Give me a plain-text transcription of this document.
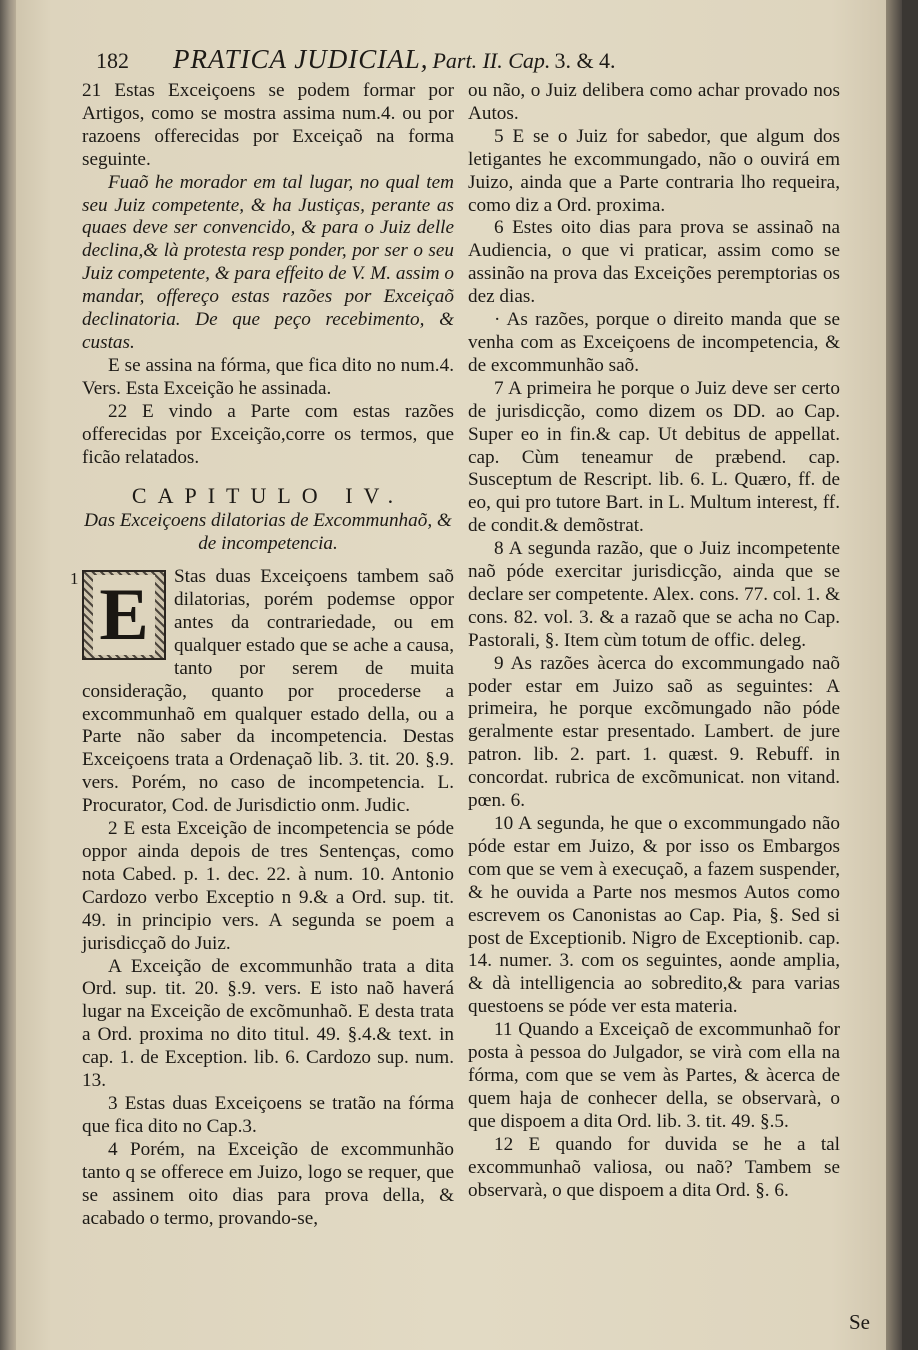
182 PRATICA JUDICIAL, Part. II. Cap. 3. & 4.

21 Estas Exceiçoens se podem formar por Artigos, como se mostra assima num.4. ou por razoens offerecidas por Exceiçaõ na forma seguinte.

Fuaõ he morador em tal lugar, no qual tem seu Juiz competente, & ha Justiças, perante as quaes deve ser convencido, & para o Juiz delle declina,& là protesta resp ponder, por ser o seu Juiz competente, & para effeito de V. M. assim o mandar, offereço estas razões por Exceiçaõ declinatoria. De que peço recebimento, & custas.

E se assina na fórma, que fica dito no num.4. Vers. Esta Exceição he assinada.

22 E vindo a Parte com estas razões offerecidas por Exceição,corre os termos, que ficão relatados.

CAPITULO IV.
Das Exceiçoens dilatorias de Excommunhaõ, & de incompetencia.
1 E	Stas duas Exceiçoens tambem saõ dilatorias, porém podemse oppor antes da contrariedade, ou em qualquer estado que se ache a causa, tanto por serem de muita consideração, quanto por procederse a excommunhaõ em qualquer estado della, ou a Parte não saber da incompetencia. Destas Exceiçoens trata a Ordenaçaõ lib. 3. tit. 20. §.9. vers. Porém, no caso de incompetencia. L. Procurator, Cod. de Jurisdictio onm. Judic.

2 E esta Exceição de incompetencia se póde oppor ainda depois de tres Sentenças, como nota Cabed. p. 1. dec. 22. à num. 10. Antonio Cardozo verbo Exceptio n 9.& a Ord. sup. tit. 49. in principio vers. A segunda se poem a jurisdicçaõ do Juiz.

A Exceição de excommunhão trata a dita Ord. sup. tit. 20. §.9. vers. E isto naõ haverá lugar na Exceição de excõmunhaõ. E desta trata a Ord. proxima no dito titul. 49. §.4.& text. in cap. 1. de Exception. lib. 6. Cardozo sup. num. 13.

3 Estas duas Exceiçoens se tratão na fórma que fica dito no Cap.3.

4 Porém, na Exceição de excommunhão tanto q se offerece em Juizo, logo se requer, que se assinem oito dias para prova della, & acabado o termo, provando-se,

ou não, o Juiz delibera como achar provado nos Autos.

5 E se o Juiz for sabedor, que algum dos letigantes he excommungado, não o ouvirá em Juizo, ainda que a Parte contraria lho requeira, como diz a Ord. proxima.

6 Estes oito dias para prova se assinaõ na Audiencia, o que vi praticar, assim como se assinão na prova das Exceições peremptorias os dez dias.

· As razões, porque o direito manda que se venha com as Exceiçoens de incompetencia, & de excommunhão saõ.

7 A primeira he porque o Juiz deve ser certo de jurisdicção, como dizem os DD. ao Cap. Super eo in fin.& cap. Ut debitus de appellat. cap. Cùm teneamur de præbend. cap. Susceptum de Rescript. lib. 6. L. Quæro, ff. de eo, qui pro tutore Bart. in L. Multum interest, ff. de condit.& demõstrat.

8 A segunda razão, que o Juiz incompetente naõ póde exercitar jurisdicção, ainda que se declare ser competente. Alex. cons. 77. col. 1. & cons. 82. vol. 3. & a razaõ que se acha no Cap. Pastorali, §. Item cùm totum de offic. deleg.

9 As razões àcerca do excommungado naõ poder estar em Juizo saõ as seguintes: A primeira, he porque excõmungado não póde geralmente estar presentado. Lambert. de jure patron. lib. 2. part. 1. quæst. 9. Rebuff. in concordat. rubrica de excõmunicat. non vitand. pœn. 6.

10 A segunda, he que o excommungado não póde estar em Juizo, & por isso os Embargos com que se vem à execuçaõ, a fazem suspender, & he ouvida a Parte nos mesmos Autos como escrevem os Canonistas ao Cap. Pia, §. Sed si post de Exceptionib. Nigro de Exceptionib. cap. 14. numer. 3. com os seguintes, aonde amplia, & dà intelligencia ao sobredito,& para varias questoens se póde ver esta materia.

11 Quando a Exceiçaõ de excommunhaõ for posta à pessoa do Julgador, se virà com ella na fórma, com que se vem às Partes, & àcerca de quem haja de conhecer della, se observarà, o que dispoem a dita Ord. lib. 3. tit. 49. §.5.

12 E quando for duvida se he a tal excommunhaõ valiosa, ou naõ? Tambem se observarà, o que dispoem a dita Ord. §. 6.

Se
